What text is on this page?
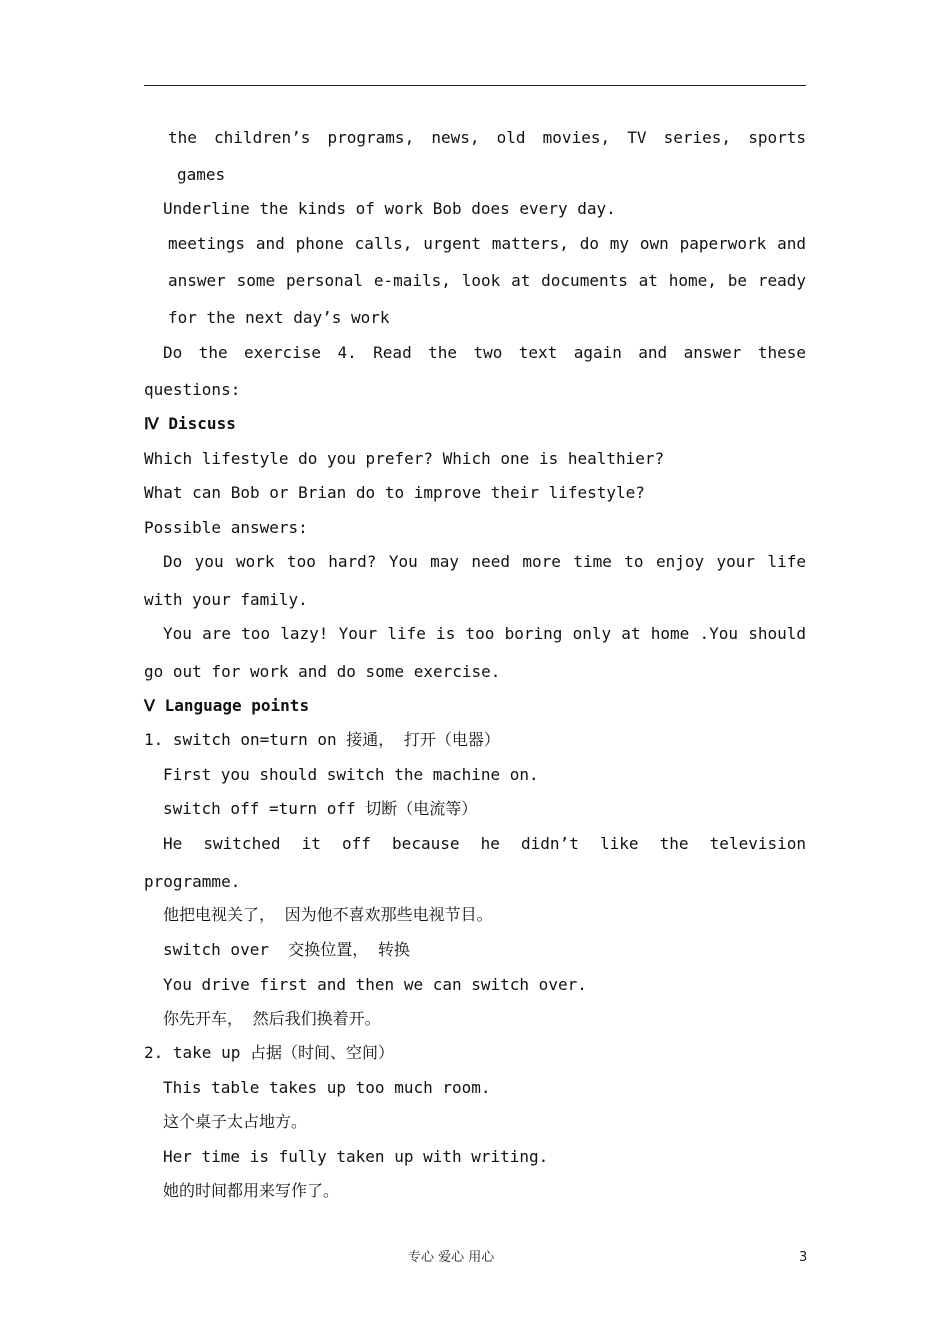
the children’s programs, news, old movies, TV series, sports
games
Underline the kinds of work Bob does every day.
meetings and phone calls, urgent matters, do my own paperwork and
answer some personal e-mails, look at documents at home, be ready
for the next day’s work
Do the exercise 4. Read the two text again and answer these
questions:
Ⅳ Discuss
Which lifestyle do you prefer? Which one is healthier?
What can Bob or Brian do to improve their lifestyle?
Possible answers:
Do you work too hard? You may need more time to enjoy your life
with your family.
You are too lazy! Your life is too boring only at home .You should
go out for work and do some exercise.
Ⅴ Language points
1. switch on=turn on 接通， 打开（电器）
First you should switch the machine on.
switch off =turn off 切断（电流等）
He switched it off because he didn’t like the television
programme.
他把电视关了， 因为他不喜欢那些电视节目。
switch over  交换位置， 转换
You drive first and then we can switch over.
你先开车， 然后我们换着开。
2. take up 占据（时间、空间）
This table takes up too much room.
这个桌子太占地方。
Her time is fully taken up with writing.
她的时间都用来写作了。
专心 爱心 用心	3
